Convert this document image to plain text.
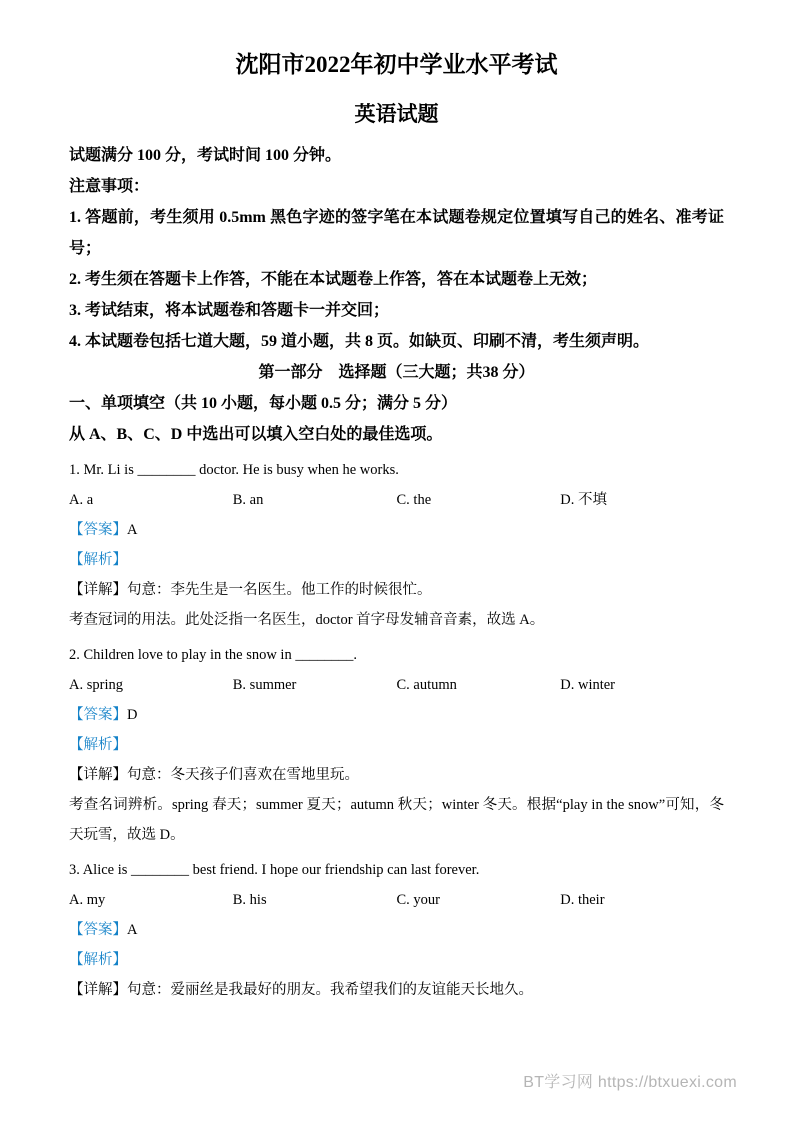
沈阳市2022年初中学业水平考试
英语试题

试题满分 100 分，考试时间 100 分钟。

注意事项：

1. 答题前，考生须用 0.5mm 黑色字迹的签字笔在本试题卷规定位置填写自己的姓名、准考证号；

2. 考生须在答题卡上作答，不能在本试题卷上作答，答在本试题卷上无效；

3. 考试结束，将本试题卷和答题卡一并交回；

4. 本试题卷包括七道大题，59 道小题，共 8 页。如缺页、印刷不清，考生须声明。

第一部分　选择题（三大题；共38 分）

一、单项填空（共 10 小题，每小题 0.5 分；满分 5 分）

从 A、B、C、D 中选出可以填入空白处的最佳选项。

1. Mr. Li is ________ doctor. He is busy when he works.

A. a	B. an	C. the	D. 不填

【答案】A

【解析】

【详解】句意：李先生是一名医生。他工作的时候很忙。

考查冠词的用法。此处泛指一名医生，doctor 首字母发辅音音素，故选 A。

2. Children love to play in the snow in ________.

A. spring	B. summer	C. autumn	D. winter

【答案】D

【解析】

【详解】句意：冬天孩子们喜欢在雪地里玩。

考查名词辨析。spring 春天；summer 夏天；autumn 秋天；winter 冬天。根据“play in the snow”可知，冬天玩雪，故选 D。

3. Alice is ________ best friend. I hope our friendship can last forever.

A. my	B. his	C. your	D. their

【答案】A

【解析】

【详解】句意：爱丽丝是我最好的朋友。我希望我们的友谊能天长地久。

BT学习网 https://btxuexi.com
